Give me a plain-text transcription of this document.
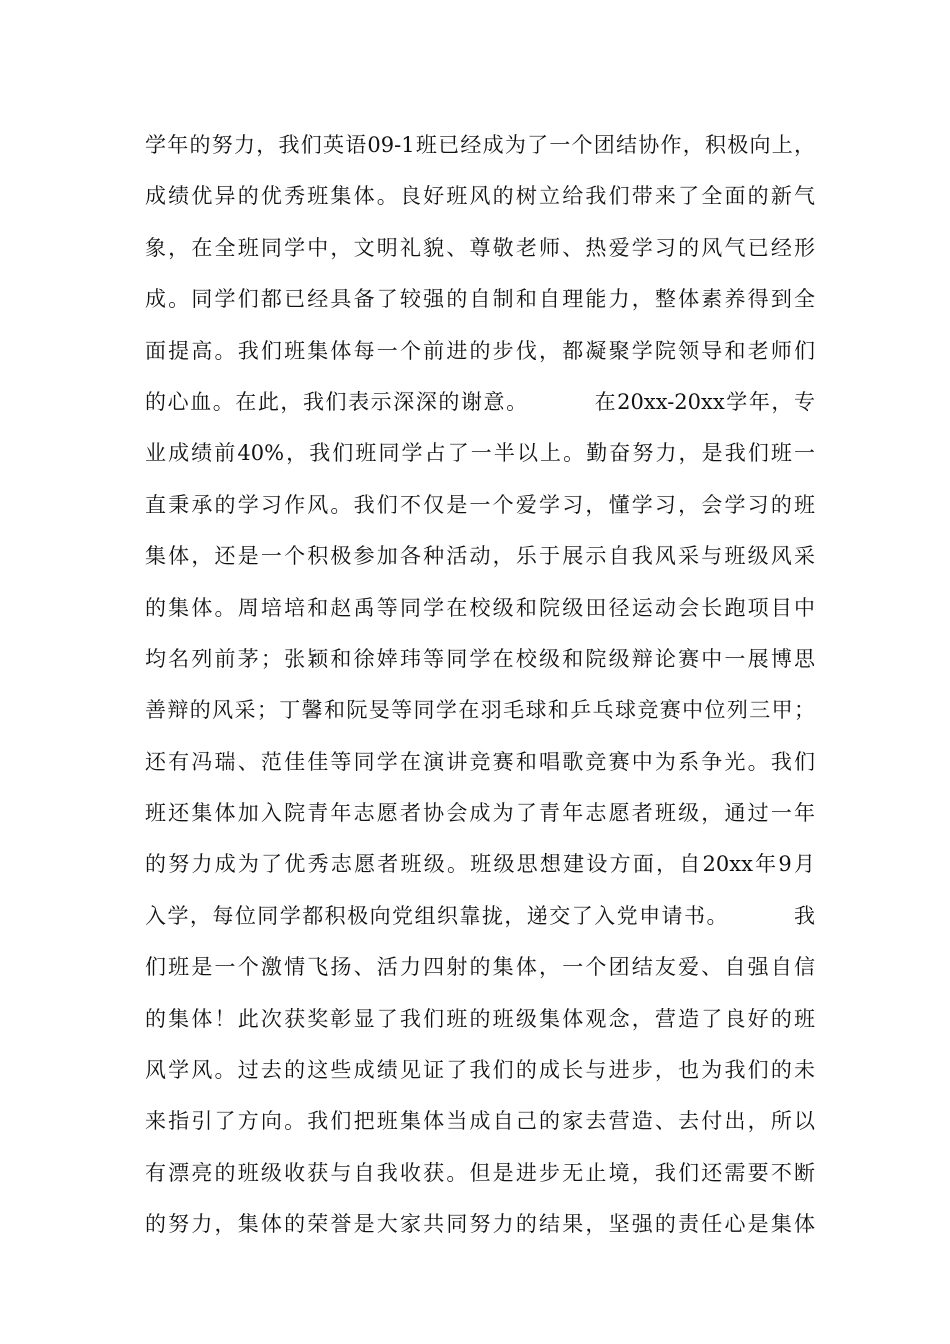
学年的努力，我们英语09-1班已经成为了一个团结协作，积极向上，
成绩优异的优秀班集体。良好班风的树立给我们带来了全面的新气
象，在全班同学中，文明礼貌、尊敬老师、热爱学习的风气已经形
成。同学们都已经具备了较强的自制和自理能力，整体素养得到全
面提高。我们班集体每一个前进的步伐，都凝聚学院领导和老师们
的心血。在此，我们表示深深的谢意。        在20xx-20xx学年，专
业成绩前40%，我们班同学占了一半以上。勤奋努力，是我们班一
直秉承的学习作风。我们不仅是一个爱学习，懂学习，会学习的班
集体，还是一个积极参加各种活动，乐于展示自我风采与班级风采
的集体。周培培和赵禹等同学在校级和院级田径运动会长跑项目中
均名列前茅；张颖和徐婞玮等同学在校级和院级辩论赛中一展博思
善辩的风采；丁馨和阮旻等同学在羽毛球和乒乓球竞赛中位列三甲；
还有冯瑞、范佳佳等同学在演讲竞赛和唱歌竞赛中为系争光。我们
班还集体加入院青年志愿者协会成为了青年志愿者班级，通过一年
的努力成为了优秀志愿者班级。班级思想建设方面，自20xx年9月
入学，每位同学都积极向党组织靠拢，递交了入党申请书。        我
们班是一个激情飞扬、活力四射的集体，一个团结友爱、自强自信
的集体！此次获奖彰显了我们班的班级集体观念，营造了良好的班
风学风。过去的这些成绩见证了我们的成长与进步，也为我们的未
来指引了方向。我们把班集体当成自己的家去营造、去付出，所以
有漂亮的班级收获与自我收获。但是进步无止境，我们还需要不断
的努力，集体的荣誉是大家共同努力的结果，坚强的责任心是集体
